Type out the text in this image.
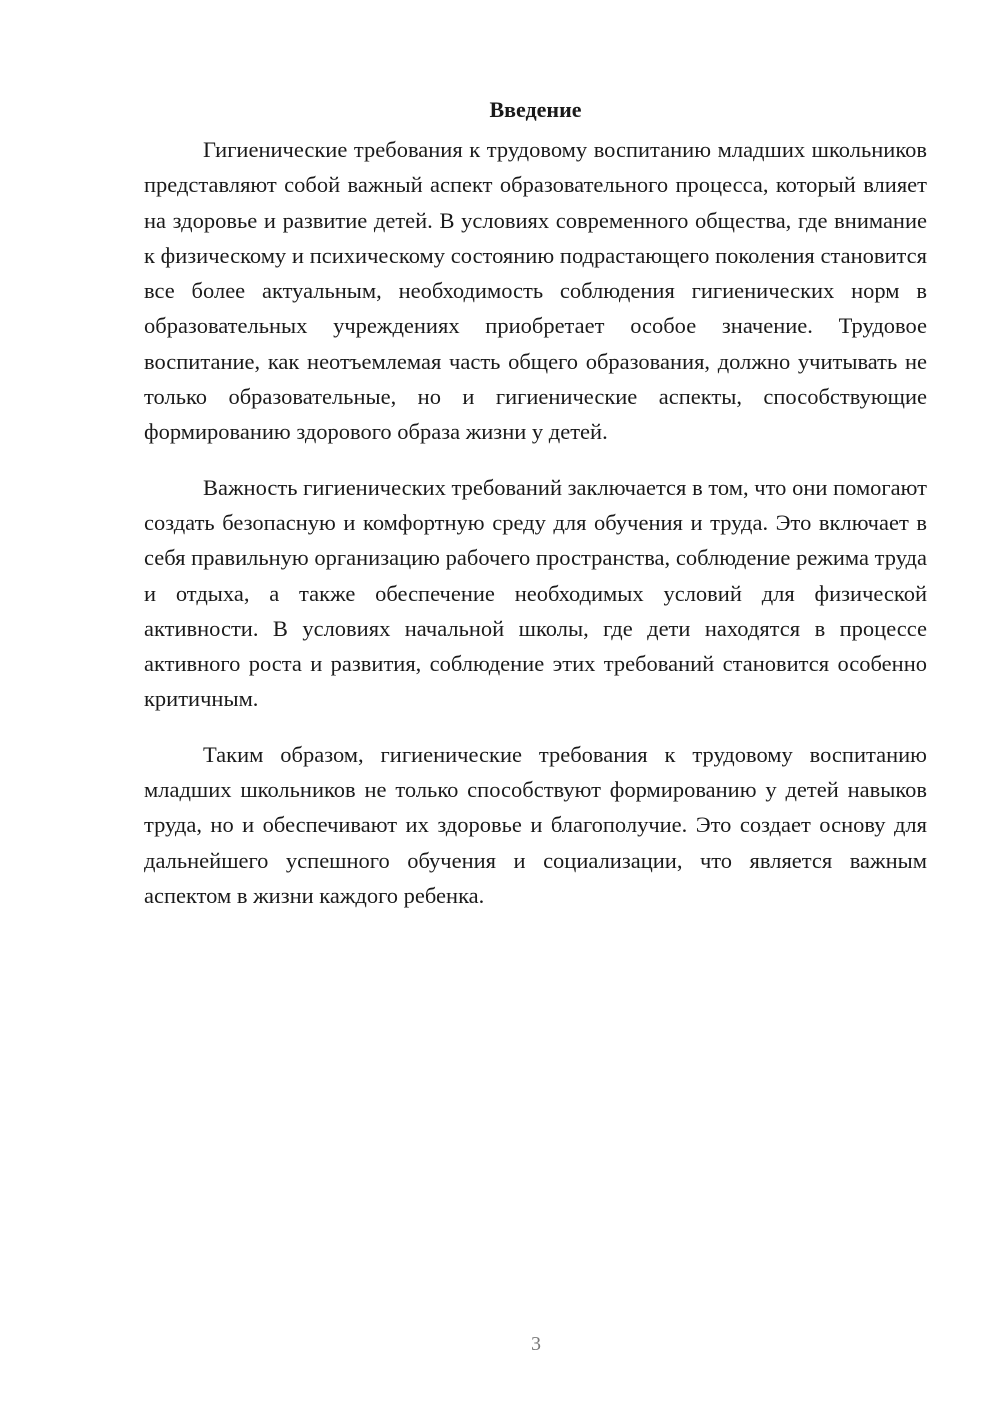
Введение

Гигиенические требования к трудовому воспитанию младших школьников представляют собой важный аспект образовательного процесса, который влияет на здоровье и развитие детей. В условиях современного общества, где внимание к физическому и психическому состоянию подрастающего поколения становится все более актуальным, необходимость соблюдения гигиенических норм в образовательных учреждениях приобретает особое значение. Трудовое воспитание, как неотъемлемая часть общего образования, должно учитывать не только образовательные, но и гигиенические аспекты, способствующие формированию здорового образа жизни у детей.

Важность гигиенических требований заключается в том, что они помогают создать безопасную и комфортную среду для обучения и труда. Это включает в себя правильную организацию рабочего пространства, соблюдение режима труда и отдыха, а также обеспечение необходимых условий для физической активности. В условиях начальной школы, где дети находятся в процессе активного роста и развития, соблюдение этих требований становится особенно критичным.

Таким образом, гигиенические требования к трудовому воспитанию младших школьников не только способствуют формированию у детей навыков труда, но и обеспечивают их здоровье и благополучие. Это создает основу для дальнейшего успешного обучения и социализации, что является важным аспектом в жизни каждого ребенка.

3
